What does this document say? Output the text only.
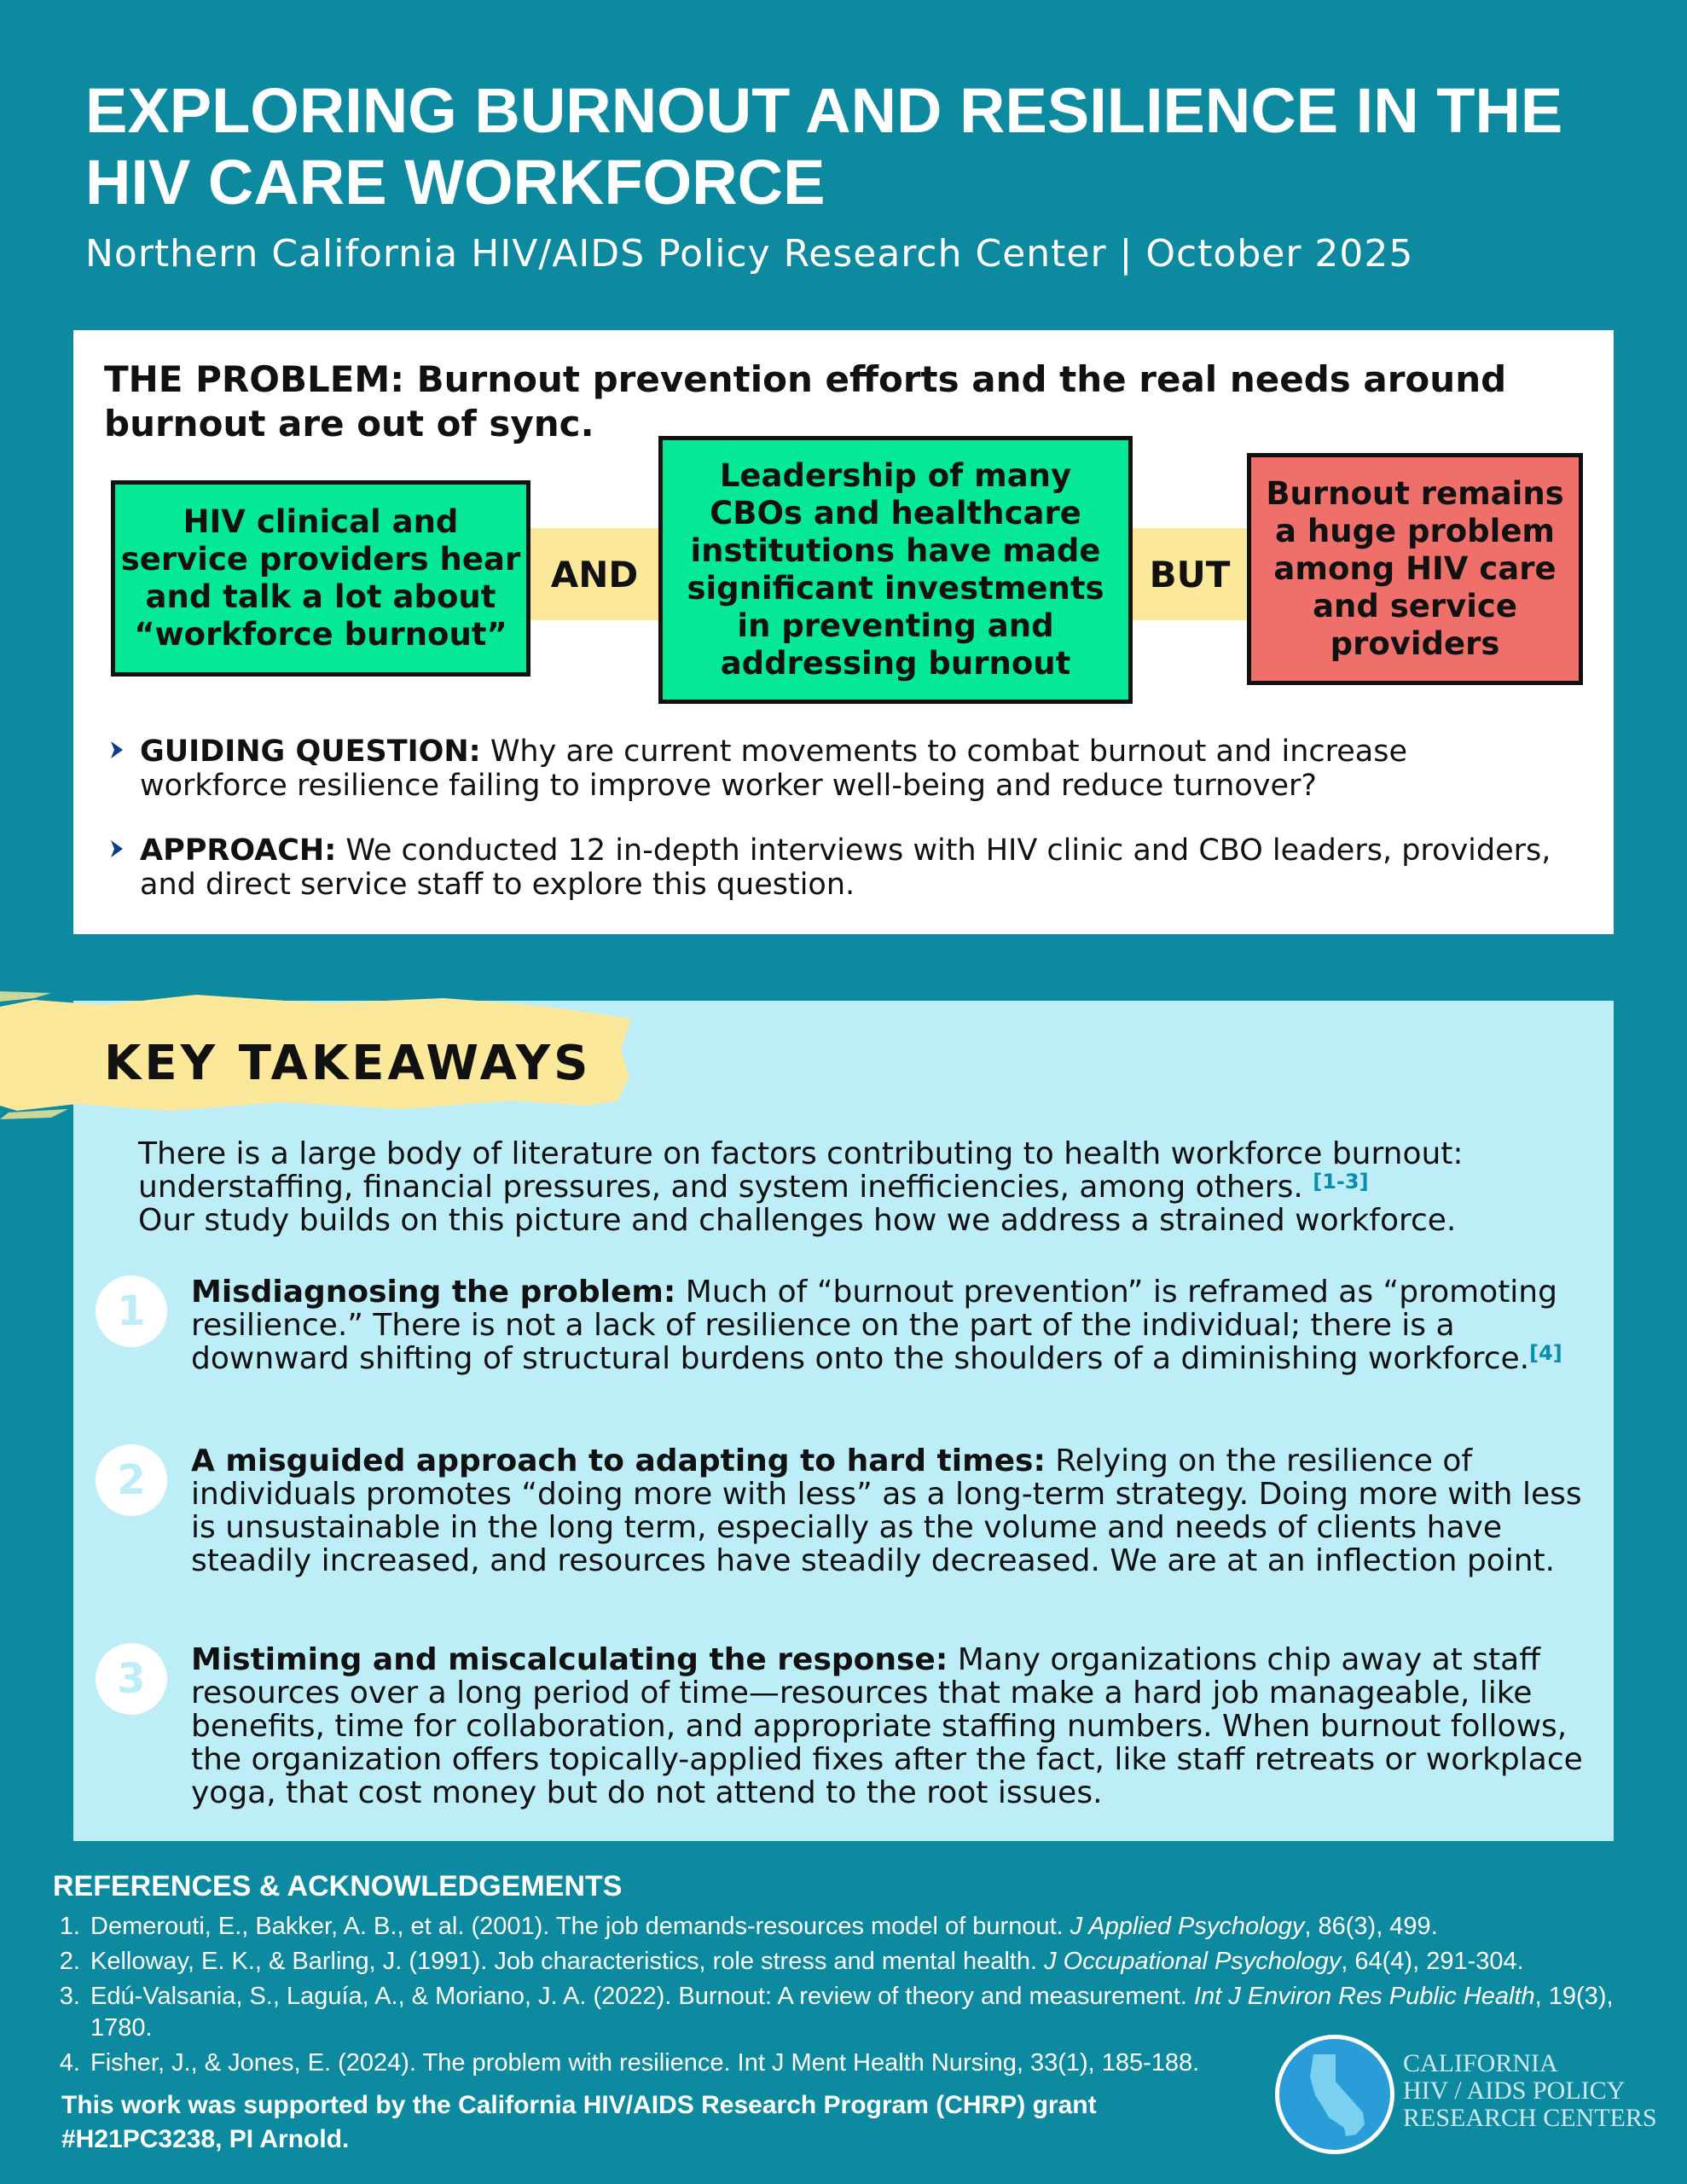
EXPLORING BURNOUT AND RESILIENCE IN THE HIV CARE WORKFORCE

Northern California HIV/AIDS Policy Research Center | October 2025

THE PROBLEM: Burnout prevention efforts and the real needs around burnout are out of sync.
HIV clinical and service providers hear and talk a lot about “workforce burnout”
AND
Leadership of many CBOs and healthcare institutions have made significant investments in preventing and addressing burnout
BUT
Burnout remains a huge problem among HIV care and service providers
GUIDING QUESTION: Why are current movements to combat burnout and increase workforce resilience failing to improve worker well-being and reduce turnover?
APPROACH: We conducted 12 in-depth interviews with HIV clinic and CBO leaders, providers, and direct service staff to explore this question.
There is a large body of literature on factors contributing to health workforce burnout: understaffing, financial pressures, and system inefficiencies, among others. [1-3]
Our study builds on this picture and challenges how we address a strained workforce.
1	Misdiagnosing the problem: Much of “burnout prevention” is reframed as “promoting resilience.” There is not a lack of resilience on the part of the individual; there is a downward shifting of structural burdens onto the shoulders of a diminishing workforce.[4]
2	A misguided approach to adapting to hard times: Relying on the resilience of individuals promotes “doing more with less” as a long-term strategy. Doing more with less is unsustainable in the long term, especially as the volume and needs of clients have steadily increased, and resources have steadily decreased. We are at an inflection point.
3	Mistiming and miscalculating the response: Many organizations chip away at staff resources over a long period of time—resources that make a hard job manageable, like benefits, time for collaboration, and appropriate staffing numbers. When burnout follows, the organization offers topically-applied fixes after the fact, like staff retreats or workplace yoga, that cost money but do not attend to the root issues.
KEY TAKEAWAYS
REFERENCES & ACKNOWLEDGEMENTS
1. Demerouti, E., Bakker, A. B., et al. (2001). The job demands-resources model of burnout. J Applied Psychology, 86(3), 499.
2. Kelloway, E. K., & Barling, J. (1991). Job characteristics, role stress and mental health. J Occupational Psychology, 64(4), 291-304.
3. Edú-Valsania, S., Laguía, A., & Moriano, J. A. (2022). Burnout: A review of theory and measurement. Int J Environ Res Public Health, 19(3), 1780.
4. Fisher, J., & Jones, E. (2024). The problem with resilience. Int J Ment Health Nursing, 33(1), 185-188.
This work was supported by the California HIV/AIDS Research Program (CHRP) grant #H21PC3238, PI Arnold.
CALIFORNIA
HIV / AIDS POLICY
RESEARCH CENTERS
